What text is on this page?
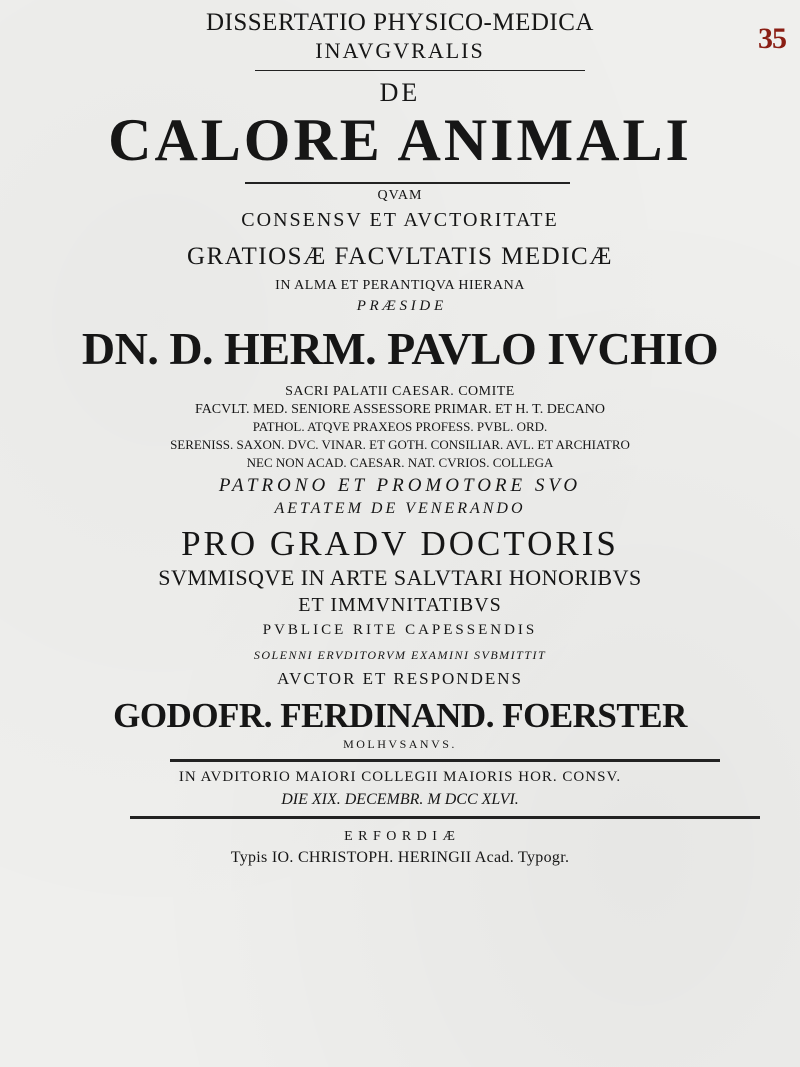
35
DISSERTATIO PHYSICO-MEDICA
INAVGVRALIS
DE
CALORE ANIMALI
QVAM
CONSENSV ET AVCTORITATE
GRATIOSÆ FACVLTATIS MEDICÆ
IN ALMA ET PERANTIQVA HIERANA
P R Æ S I D E
DN. D. HERM. PAVLO IVCHIO
SACRI PALATII CAESAR. COMITE
FACVLT. MED. SENIORE ASSESSORE PRIMAR. ET H. T. DECANO
PATHOL. ATQVE PRAXEOS PROFESS. PVBL. ORD.
SERENISS. SAXON. DVC. VINAR. ET GOTH. CONSILIAR. AVL. ET ARCHIATRO
NEC NON ACAD. CAESAR. NAT. CVRIOS. COLLEGA
PATRONO ET PROMOTORE SVO
AETATEM DE VENERANDO
PRO GRADV DOCTORIS
SVMMISQVE IN ARTE SALVTARI HONORIBVS
ET IMMVNITATIBVS
PVBLICE RITE CAPESSENDIS
SOLENNI ERVDITORVM EXAMINI SVBMITTIT
AVCTOR ET RESPONDENS
GODOFR. FERDINAND. FOERSTER
MOLHVSANVS.
IN AVDITORIO MAIORI COLLEGII MAIORIS HOR. CONSV.
DIE XIX. DECEMBR. M DCC XLVI.
E R F O R D I Æ
Typis IO. CHRISTOPH. HERINGII Acad. Typogr.
